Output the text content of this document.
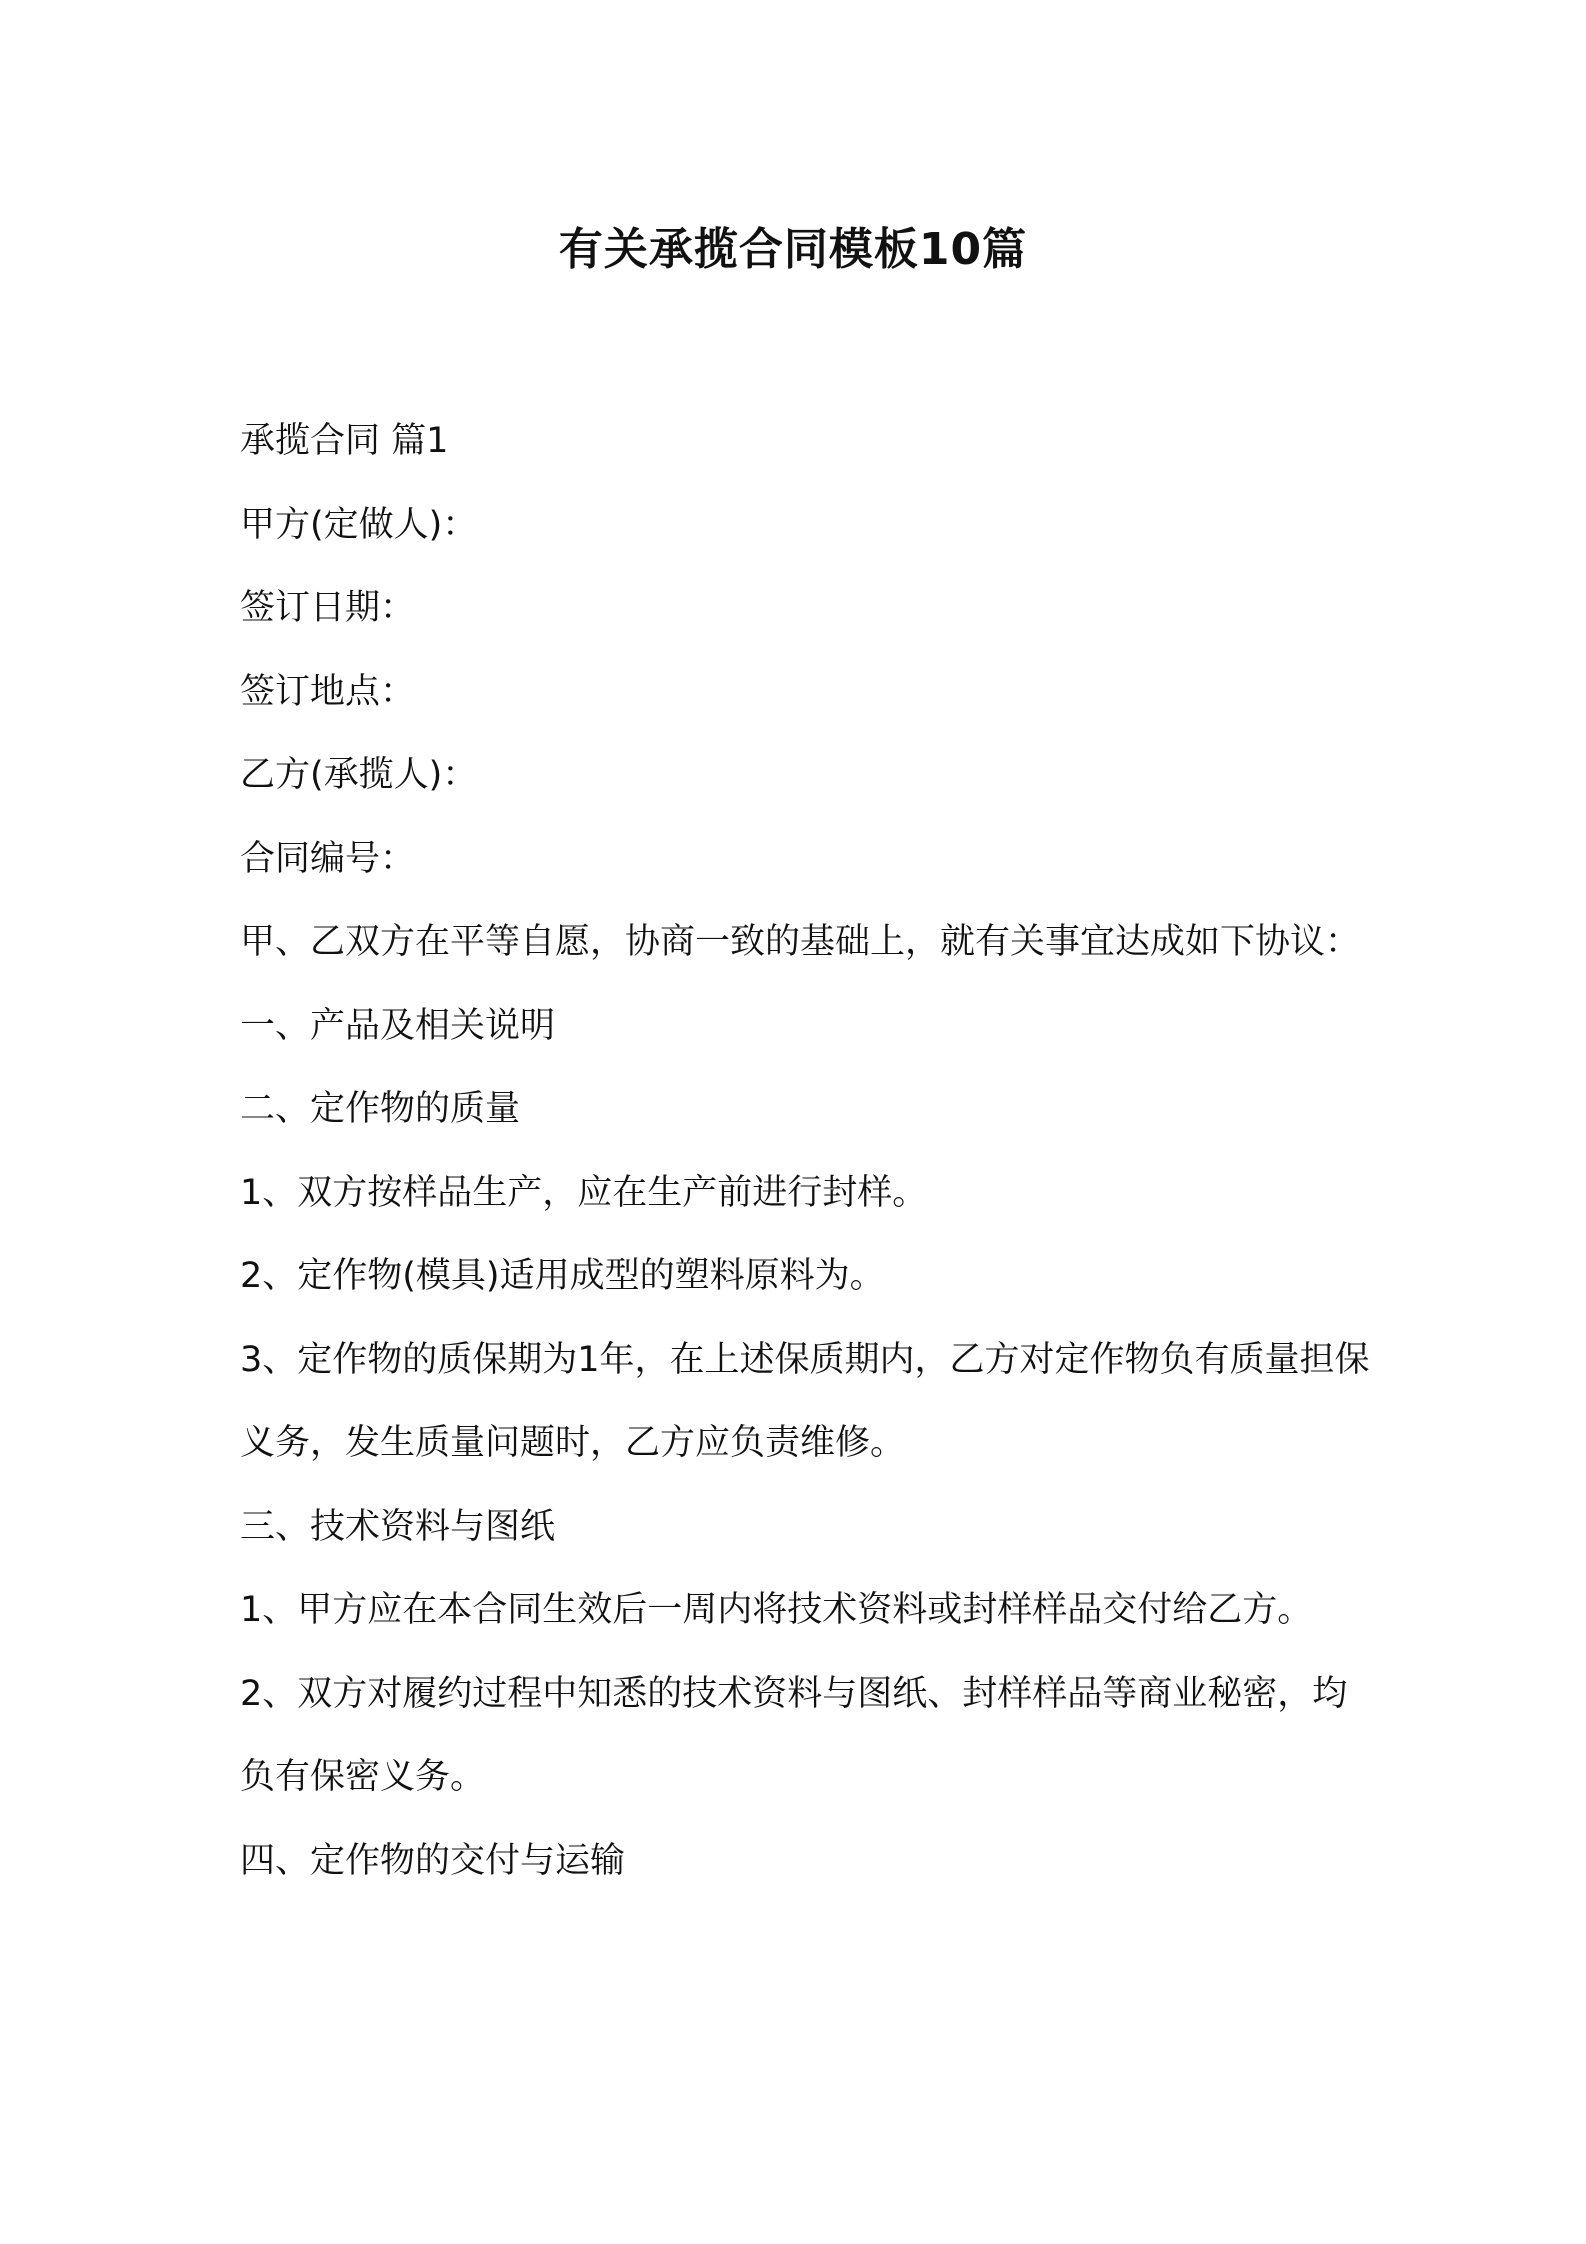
有关承揽合同模板10篇

承揽合同 篇1

甲方(定做人)：

签订日期：

签订地点：

乙方(承揽人)：

合同编号：

甲、乙双方在平等自愿，协商一致的基础上，就有关事宜达成如下协议：

一、产品及相关说明

二、定作物的质量

1、双方按样品生产，应在生产前进行封样。

2、定作物(模具)适用成型的塑料原料为。

3、定作物的质保期为1年，在上述保质期内，乙方对定作物负有质量担保义务，发生质量问题时，乙方应负责维修。

三、技术资料与图纸

1、甲方应在本合同生效后一周内将技术资料或封样样品交付给乙方。

2、双方对履约过程中知悉的技术资料与图纸、封样样品等商业秘密，均负有保密义务。

四、定作物的交付与运输
